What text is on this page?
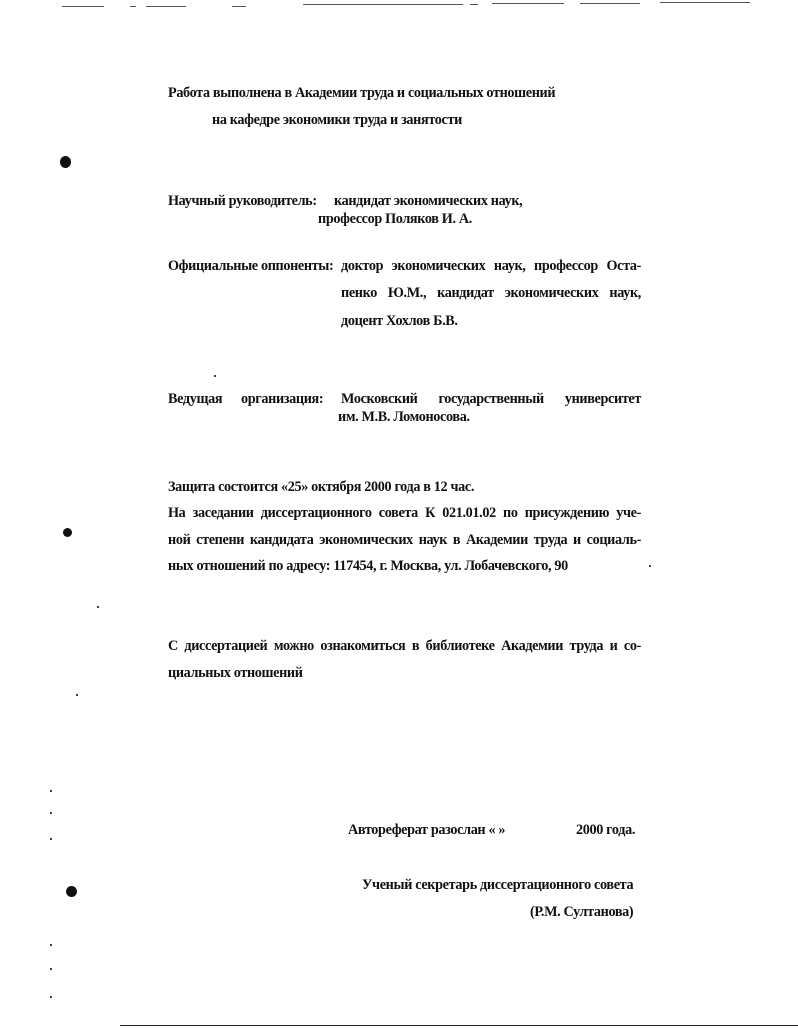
Работа выполнена в Академии труда и социальных отношений

на кафедре экономики труда и занятости

Научный руководитель: кандидат экономических наук,

профессор Поляков И. А.

Официальные оппоненты: доктор экономических наук, профессор Оста-

пенко Ю.М., кандидат экономических наук,

доцент Хохлов Б.В.

Ведущая организация: Московский государственный университет

им. М.В. Ломоносова.

Защита состоится «25» октября 2000 года в 12 час.

На заседании диссертационного совета К 021.01.02 по присуждению уче-

ной степени кандидата экономических наук в Академии труда и социаль-

ных отношений по адресу: 117454, г. Москва, ул. Лобачевского, 90

С диссертацией можно ознакомиться в библиотеке Академии труда и со-

циальных отношений

Автореферат разослан « »	2000 года.

Ученый секретарь диссертационного совета

(Р.М. Султанова)
